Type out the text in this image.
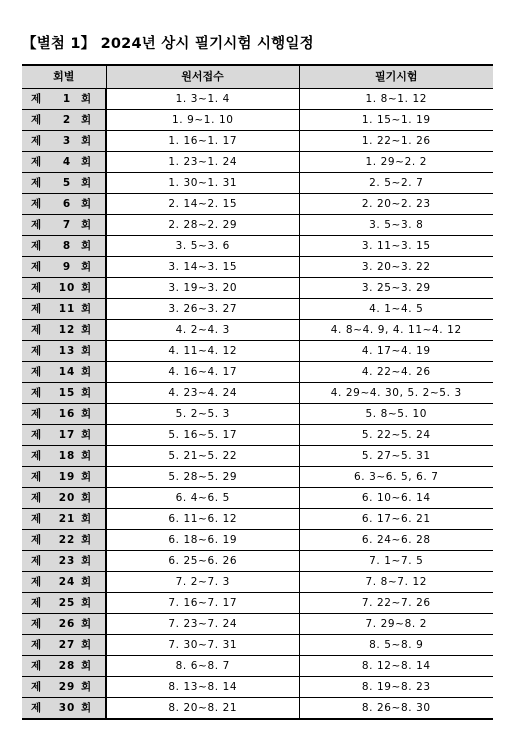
【별첨 1】 2024년 상시 필기시험 시행일정
회별	원서접수	필기시험
제 1 회	1. 3~1. 4	1. 8~1. 12
제 2 회	1. 9~1. 10	1. 15~1. 19
제 3 회	1. 16~1. 17	1. 22~1. 26
제 4 회	1. 23~1. 24	1. 29~2. 2
제 5 회	1. 30~1. 31	2. 5~2. 7
제 6 회	2. 14~2. 15	2. 20~2. 23
제 7 회	2. 28~2. 29	3. 5~3. 8
제 8 회	3. 5~3. 6	3. 11~3. 15
제 9 회	3. 14~3. 15	3. 20~3. 22
제 10 회	3. 19~3. 20	3. 25~3. 29
제 11 회	3. 26~3. 27	4. 1~4. 5
제 12 회	4. 2~4. 3	4. 8~4. 9, 4. 11~4. 12
제 13 회	4. 11~4. 12	4. 17~4. 19
제 14 회	4. 16~4. 17	4. 22~4. 26
제 15 회	4. 23~4. 24	4. 29~4. 30, 5. 2~5. 3
제 16 회	5. 2~5. 3	5. 8~5. 10
제 17 회	5. 16~5. 17	5. 22~5. 24
제 18 회	5. 21~5. 22	5. 27~5. 31
제 19 회	5. 28~5. 29	6. 3~6. 5, 6. 7
제 20 회	6. 4~6. 5	6. 10~6. 14
제 21 회	6. 11~6. 12	6. 17~6. 21
제 22 회	6. 18~6. 19	6. 24~6. 28
제 23 회	6. 25~6. 26	7. 1~7. 5
제 24 회	7. 2~7. 3	7. 8~7. 12
제 25 회	7. 16~7. 17	7. 22~7. 26
제 26 회	7. 23~7. 24	7. 29~8. 2
제 27 회	7. 30~7. 31	8. 5~8. 9
제 28 회	8. 6~8. 7	8. 12~8. 14
제 29 회	8. 13~8. 14	8. 19~8. 23
제 30 회	8. 20~8. 21	8. 26~8. 30
